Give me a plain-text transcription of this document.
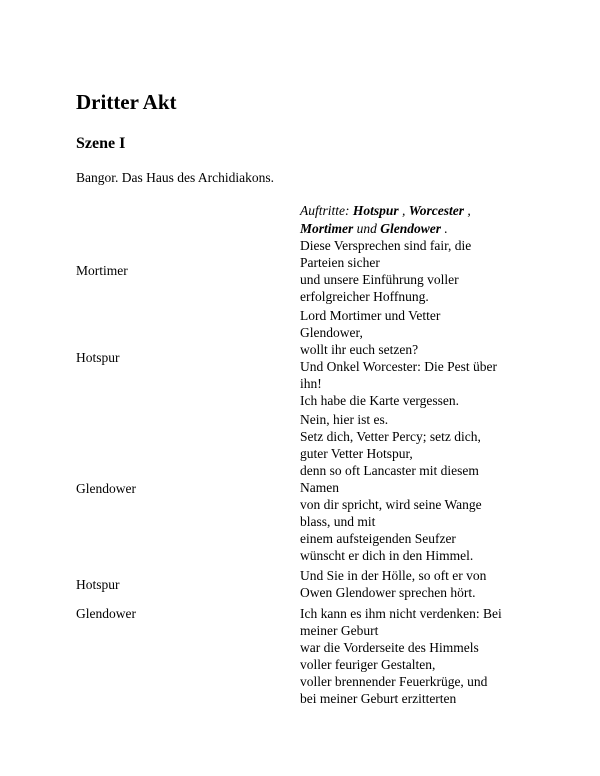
Dritter Akt
Szene I

Bangor. Das Haus des Archidiakons.

Auftritte: Hotspur , Worcester ,
Mortimer und Glendower .

Mortimer

Diese Versprechen sind fair, die
Parteien sicher
und unsere Einführung voller
erfolgreicher Hoffnung.

Hotspur

Lord Mortimer und Vetter
Glendower,
wollt ihr euch setzen?
Und Onkel Worcester: Die Pest über
ihn!
Ich habe die Karte vergessen.

Glendower

Nein, hier ist es.
Setz dich, Vetter Percy; setz dich,
guter Vetter Hotspur,
denn so oft Lancaster mit diesem
Namen
von dir spricht, wird seine Wange
blass, und mit
einem aufsteigenden Seufzer
wünscht er dich in den Himmel.

Hotspur

Und Sie in der Hölle, so oft er von
Owen Glendower sprechen hört.

Glendower	Ich kann es ihm nicht verdenken: Bei
meiner Geburt
war die Vorderseite des Himmels
voller feuriger Gestalten,
voller brennender Feuerkrüge, und
bei meiner Geburt erzitterten
